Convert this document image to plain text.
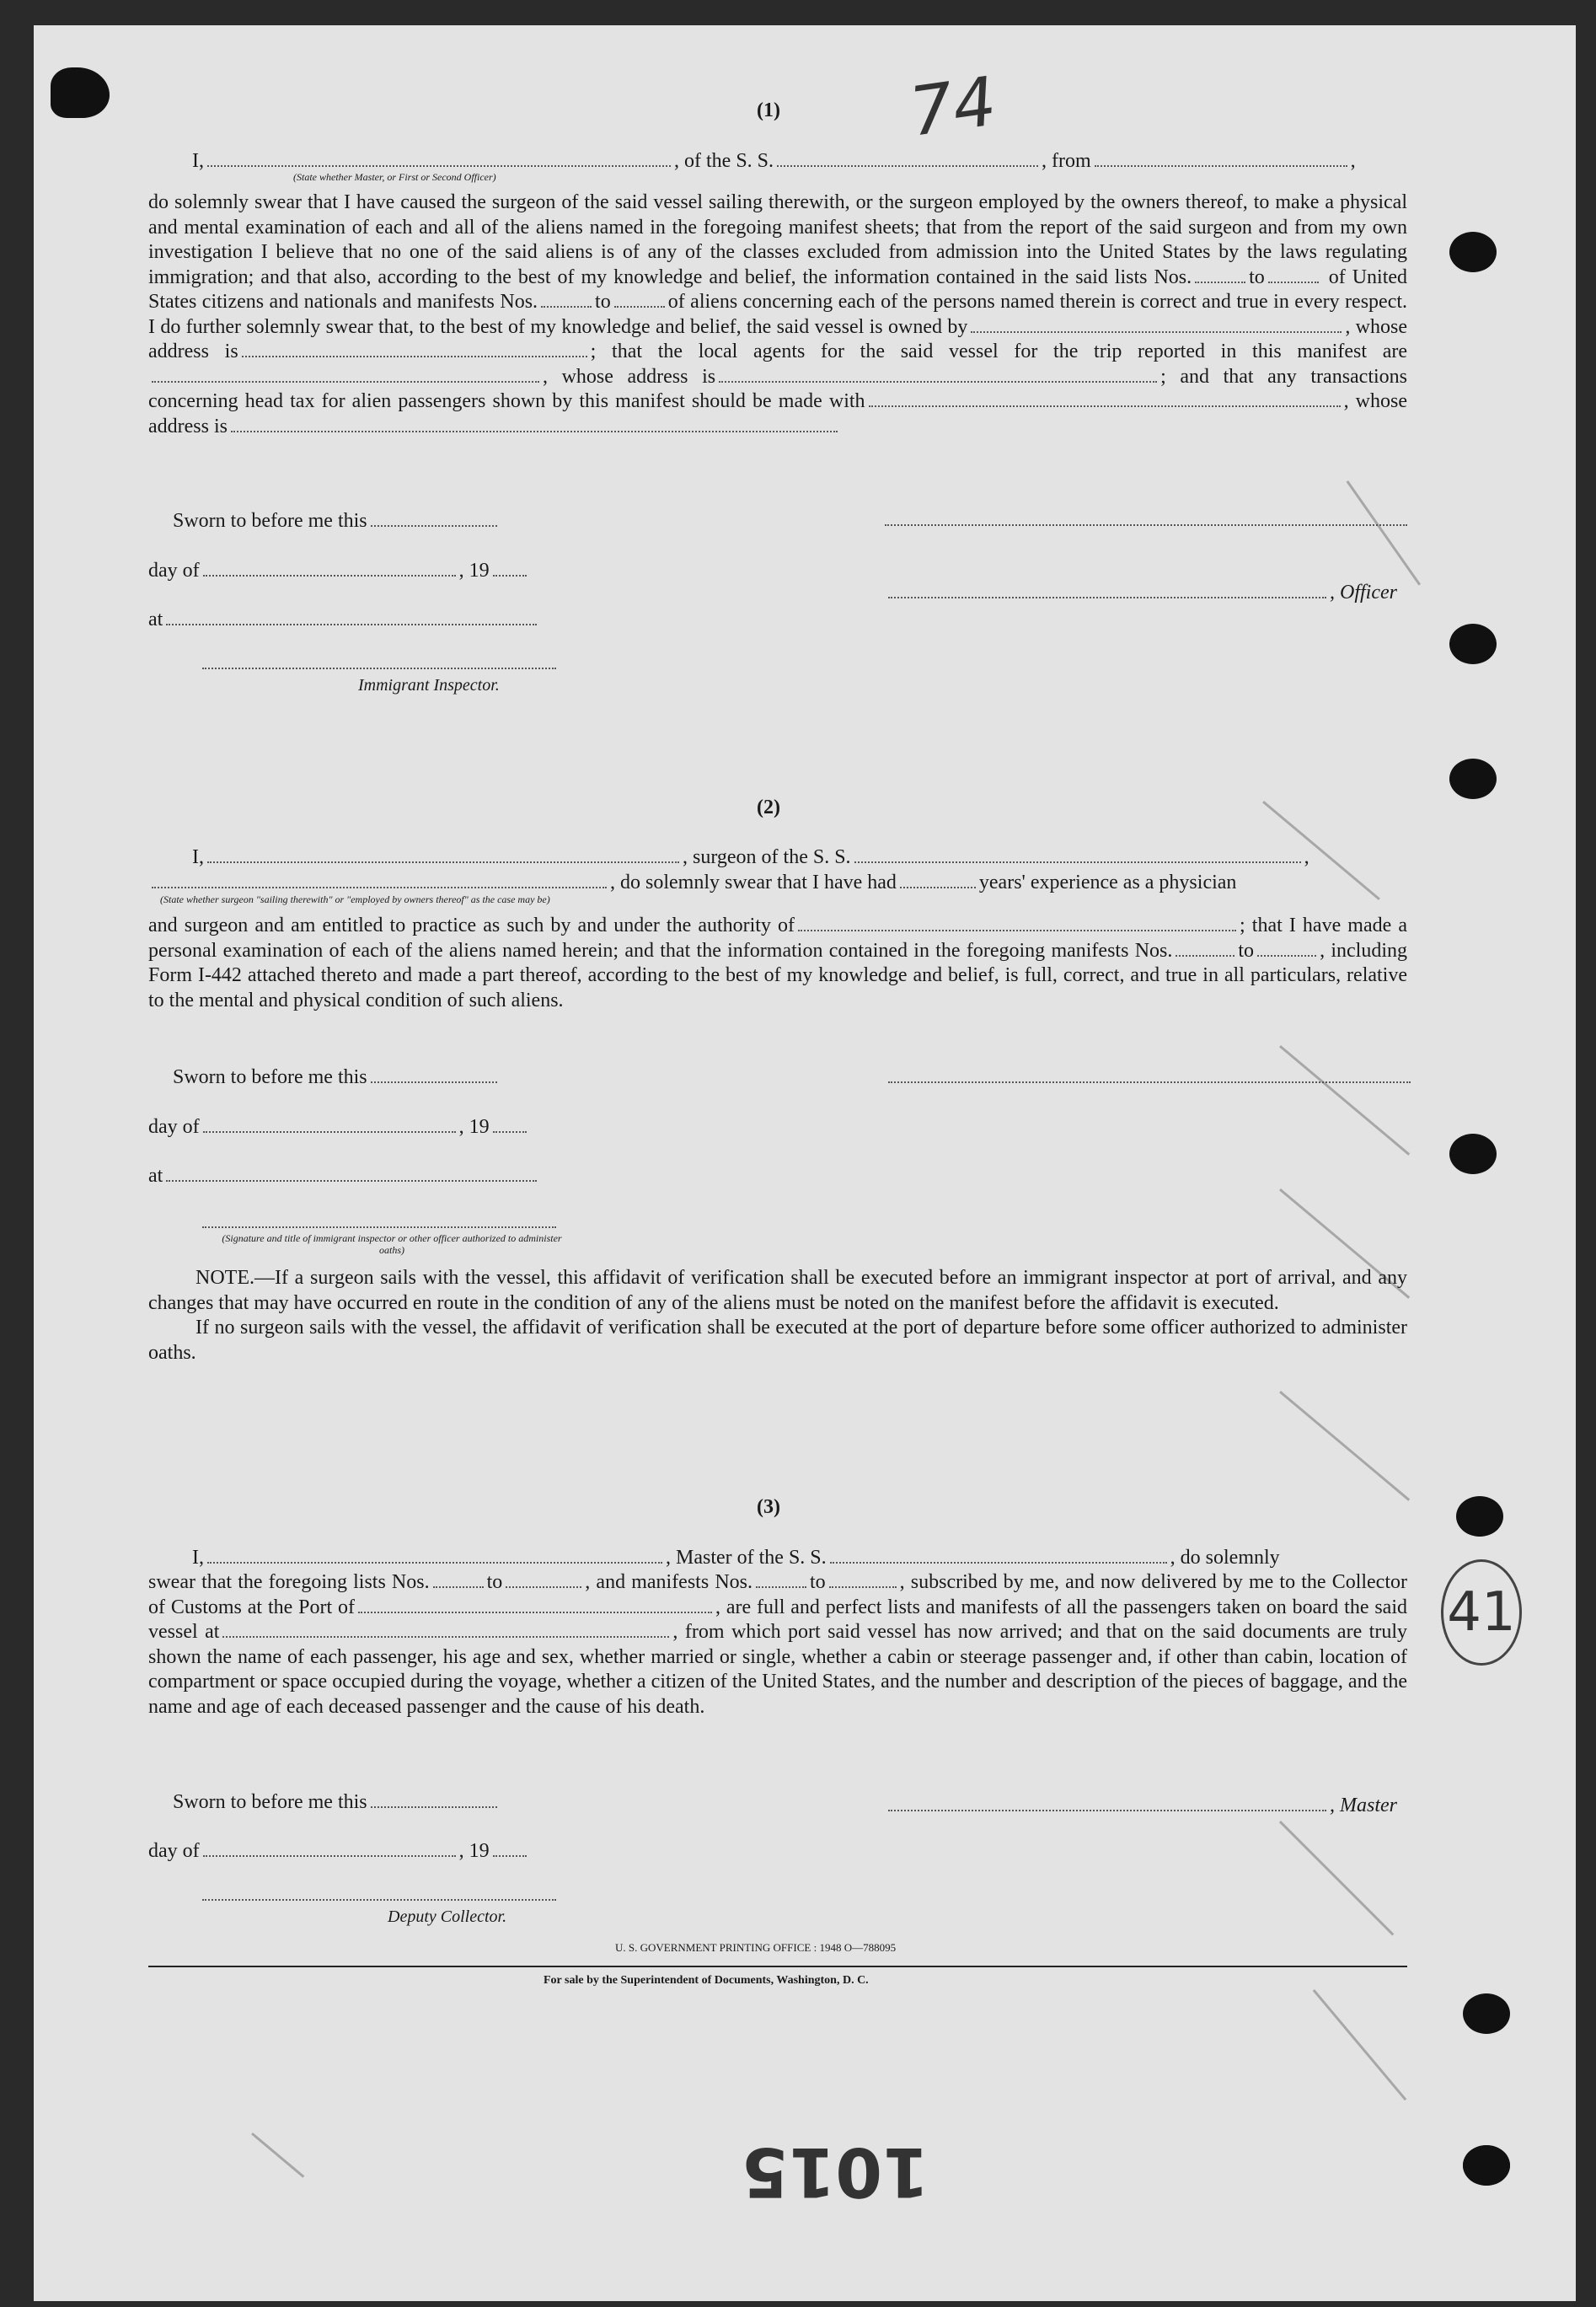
74
41
1015
(1)
I,	, of the S. S.	, from	,
(State whether Master, or First or Second Officer)
do solemnly swear that I have caused the surgeon of the said vessel sailing therewith, or the surgeon employed by the owners thereof, to make a physical and mental examination of each and all of the aliens named in the foregoing manifest sheets; that from the report of the said surgeon and from my own investigation I believe that no one of the said aliens is of any of the classes excluded from admission into the United States by the laws regulating immigration; and that also, according to the best of my knowledge and belief, the information contained in the said lists Nos.	to	of United States citizens and nationals and manifests Nos.	to	of aliens concerning each of the persons named therein is correct and true in every respect. I do further solemnly swear that, to the best of my knowledge and belief, the said vessel is owned by	, whose address is	; that the local agents for the said vessel for the trip reported in this manifest are, whose address is	; and that any transactions concerning head tax for alien passengers shown by this manifest should be made with	, whose address is
Sworn to before me this
day of	, 19
at
Immigrant Inspector.
, Officer
(2)
I,	, surgeon of the S. S.	,
, do solemnly swear that I have had	years' experience as a physician
(State whether surgeon "sailing therewith" or "employed by owners thereof" as the case may be)
and surgeon and am entitled to practice as such by and under the authority of	; that I have made a personal examination of each of the aliens named herein; and that the information contained in the foregoing manifests Nos.	to	, including Form I-442 attached thereto and made a part thereof, according to the best of my knowledge and belief, is full, correct, and true in all particulars, relative to the mental and physical condition of such aliens.
Sworn to before me this
day of	, 19
at
(Signature and title of immigrant inspector or other officer authorized to administer oaths)
NOTE.—If a surgeon sails with the vessel, this affidavit of verification shall be executed before an immigrant inspector at port of arrival, and any changes that may have occurred en route in the condition of any of the aliens must be noted on the manifest before the affidavit is executed.
If no surgeon sails with the vessel, the affidavit of verification shall be executed at the port of departure before some officer authorized to administer oaths.
(3)
I,	, Master of the S. S.	, do solemnly
swear that the foregoing lists Nos.	to	, and manifests Nos.	to	, subscribed by me, and now delivered by me to the Collector of Customs at the Port of	, are full and perfect lists and manifests of all the passengers taken on board the said vessel at	, from which port said vessel has now arrived; and that on the said documents are truly shown the name of each passenger, his age and sex, whether married or single, whether a cabin or steerage passenger and, if other than cabin, location of compartment or space occupied during the voyage, whether a citizen of the United States, and the number and description of the pieces of baggage, and the name and age of each deceased passenger and the cause of his death.
Sworn to before me this
day of	, 19
, Master
Deputy Collector.
U. S. GOVERNMENT PRINTING OFFICE : 1948 O—788095
For sale by the Superintendent of Documents, Washington, D. C.
